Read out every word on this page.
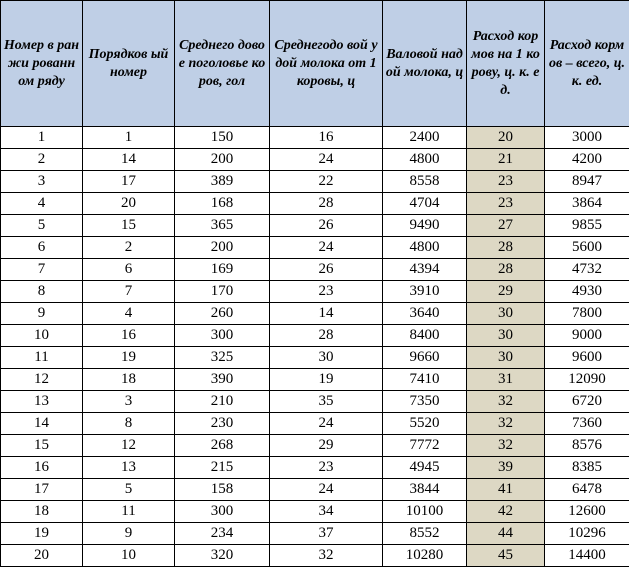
Номер в ранжи рованн ом ряду	Порядков ый номер	Среднего довое поголовье коров, гол	Среднегодо вой удой молока от 1 коровы, ц	Валовой надой молока, ц	Расход кормов на 1 корову, ц. к. ед.	Расход кормов – всего, ц. к. ед.

1	1	150	16	2400	20	3000
2	14	200	24	4800	21	4200
3	17	389	22	8558	23	8947
4	20	168	28	4704	23	3864
5	15	365	26	9490	27	9855
6	2	200	24	4800	28	5600
7	6	169	26	4394	28	4732
8	7	170	23	3910	29	4930
9	4	260	14	3640	30	7800
10	16	300	28	8400	30	9000
11	19	325	30	9660	30	9600
12	18	390	19	7410	31	12090
13	3	210	35	7350	32	6720
14	8	230	24	5520	32	7360
15	12	268	29	7772	32	8576
16	13	215	23	4945	39	8385
17	5	158	24	3844	41	6478
18	11	300	34	10100	42	12600
19	9	234	37	8552	44	10296
20	10	320	32	10280	45	14400
